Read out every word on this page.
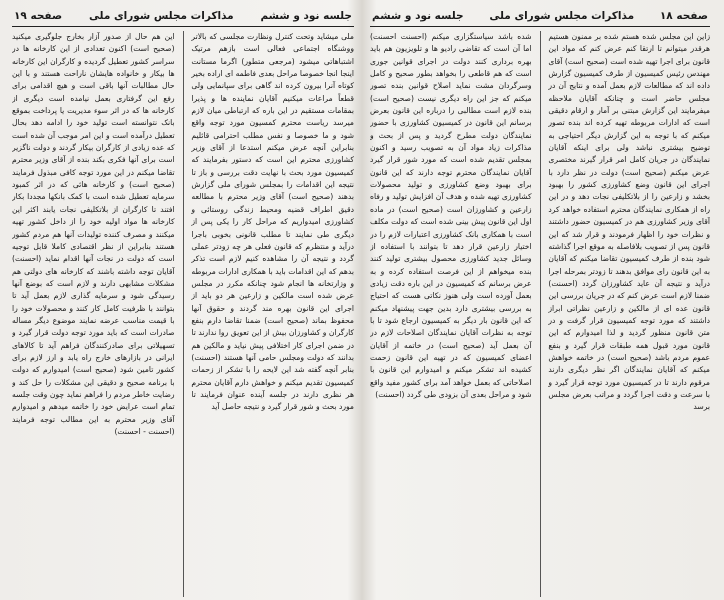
جلسه نود و ششم
مذاکرات مجلس شورای ملی
صفحه ۱۹

ملی میشاید وتحت کنترل ونظارت مجلسی که بالاتر ووشنگاه اجتماعی فعالی است بازهم مرتیک اشتباهاتی میشود (مرجعی متطور) اگرما مستانت اینجا انجا خصوصا مراحل بعدی فاطمه ای اراده بخیر کوتاه آنرا بیرون کرده اند گاهی برای سپانمایی ولی قطعاً مراعات میکنیم آقایان نماینده ها و پذیرا بمقامات مستقیم در این باره که ارتباطی میان لازم میرسد ریاست محترم کمسیون مورد توجه واقع شود و ما خصوصا و نفس مطلب احترامی قائلیم بنابراین آنچه عرض میکنم استدعا از آقای وزیر کشاورزی محترم این است که دستور بفرمایند که کمیسیون مورد بحث با نهایت دقت بررسی و باز تا نتیجه این اقدامات را بمجلس شورای ملی گزارش بدهند (صحیح است) آقای وزیر محترم با مطالعه دقیق اطراف قضیه ومحیط زندگی روستائی و کشاورزی امیدواریم که مراحل کار را یکی پس از دیگری طی نمایند تا مطلب قانونی بخوبی باجرا درآید و منتظرم که قانون فعلی هر چه زودتر عملی گردد و نتیجه آن را مشاهده کنیم لازم است تذکر بدهم که این اقدامات باید با همکاری ادارات مربوطه و وزارتخانه ها انجام شود چنانکه مکرر در مجلس عرض شده است مالکین و زارعین هر دو باید از اجرای این قانون بهره مند گردند و حقوق آنها محفوظ بماند (صحیح است) ضمنا تقاضا دارم بنفع کارگران و کشاورزان بیش از این تعویق روا ندارند تا در ضمن اجرای کار اختلافی پیش نیاید و مالکین هم بدانند که دولت ومجلس حامی آنها هستند (احسنت) بنابر آنچه گفته شد این لایحه را با تشکر از زحمات کمیسیون تقدیم میکنم و خواهش دارم آقایان محترم هر نظری دارند در جلسه آینده عنوان فرمایند تا مورد بحث و شور قرار گیرد و نتیجه حاصل آید

این هم حال از صدور آزار بخارج جلوگیری میکنید (صحیح است) اکنون تعدادی از این کارخانه ها در سراسر کشور تعطیل گردیده و کارگران این کارخانه ها بیکار و خانواده هایشان ناراحت هستند و با این حال مطالبات آنها باقی است و هیچ اقدامی برای رفع این گرفتاری بعمل نیامده است دیگری از کارخانه ها که در اثر سوء مدیریت یا پرداخت بموقع بانک نتوانسته است تولید خود را ادامه دهد بحال تعطیل درآمده است و این امر موجب آن شده است که عده زیادی از کارگران بیکار گردند و دولت ناگزیر است برای آنها فکری بکند بنده از آقای وزیر محترم تقاضا میکنم در این مورد توجه کافی مبذول فرمایند (صحیح است) و کارخانه هائی که در اثر کمبود سرمایه تعطیل شده است با کمک بانکها مجددا بکار افتند تا کارگران از بلاتکلیفی نجات یابند اکثر این کارخانه ها مواد اولیه خود را از داخل کشور تهیه میکنند و مصرف کننده تولیدات آنها هم مردم کشور هستند بنابراین از نظر اقتصادی کاملا قابل توجیه است که دولت در نجات آنها اقدام نماید (احسنت) آقایان توجه داشته باشند که کارخانه های دولتی هم مشکلات مشابهی دارند و لازم است که بوضع آنها رسیدگی شود و سرمایه گذاری لازم بعمل آید تا بتوانند با ظرفیت کامل کار کنند و محصولات خود را با قیمت مناسب عرضه نمایند موضوع دیگر مساله صادرات است که باید مورد توجه دولت قرار گیرد و تسهیلاتی برای صادرکنندگان فراهم آید تا کالاهای ایرانی در بازارهای خارج راه یابد و ارز لازم برای کشور تامین شود (صحیح است) امیدوارم که دولت با برنامه صحیح و دقیقی این مشکلات را حل کند و رضایت خاطر مردم را فراهم نماید چون وقت جلسه تمام است عرایض خود را خاتمه میدهم و امیدوارم آقای وزیر محترم به این مطالب توجه فرمایند (احسنت - احسنت)

صفحه ۱۸
مذاکرات مجلس شورای ملی
جلسه نود و ششم

زاین این مجلس شده هستم شده بر ممنون هستیم هرقدر میتوانم تا ارتقا کنم عرض کنم که مواد این قانون برای اجرا تهیه شده است (صحیح است) آقای مهندس رئیس کمیسیون از طرف کمیسیون گزارش داده اند که مطالعات لازم بعمل آمده و نتایج آن در مجلس حاضر است و چنانکه آقایان ملاحظه میفرمایند این گزارش مبتنی بر آمار و ارقام دقیقی است که ادارات مربوطه تهیه کرده اند بنده تصور میکنم که با توجه به این گزارش دیگر احتیاجی به توضیح بیشتری نباشد ولی برای اینکه آقایان نمایندگان در جریان کامل امر قرار گیرند مختصری عرض میکنم (صحیح است) دولت در نظر دارد با اجرای این قانون وضع کشاورزی کشور را بهبود بخشد و زارعین را از بلاتکلیفی نجات دهد و در این راه از همکاری نمایندگان محترم استفاده خواهد کرد آقای وزیر کشاورزی هم در کمیسیون حضور داشتند و نظرات خود را اظهار فرمودند و قرار شد که این قانون پس از تصویب بلافاصله به موقع اجرا گذاشته شود بنده از طرف کمیسیون تقاضا میکنم که آقایان به این قانون رای موافق بدهند تا زودتر بمرحله اجرا درآید و نتیجه آن عاید کشاورزان گردد (احسنت) ضمنا لازم است عرض کنم که در جریان بررسی این قانون عده ای از مالکین و زارعین نظراتی ابراز داشتند که مورد توجه کمیسیون قرار گرفت و در متن قانون منظور گردید و لذا امیدوارم که این قانون مورد قبول همه طبقات قرار گیرد و بنفع عموم مردم باشد (صحیح است) در خاتمه خواهش میکنم که آقایان نمایندگان اگر نظر دیگری دارند مرقوم دارند تا در کمیسیون مورد توجه قرار گیرد و با سرعت و دقت اجرا گردد و مراتب بعرض مجلس برسد

شده باشد سیاستگزاری میکنم (احسنت احسنت) اما آن است که تقاضی رادیو ها و تلویزیون هم باید بهره برداری کنند دولت در اجرای قوانین جوری است که هم قاطعی را بخواهد بطور صحیح و کامل وسرگردان مشت نماید اصلاح قوانین بنده تصور میکنم که جز این راه دیگری نیست (صحیح است) بنده لازم است مطالبی را درباره این قانون بعرض برسانم این قانون در کمیسیون کشاورزی با حضور نمایندگان دولت مطرح گردید و پس از بحث و مذاکرات زیاد مواد آن به تصویب رسید و اکنون بمجلس تقدیم شده است که مورد شور قرار گیرد آقایان نمایندگان محترم توجه دارند که این قانون برای بهبود وضع کشاورزی و تولید محصولات کشاورزی تهیه شده و هدف آن افزایش تولید و رفاه زارعین و کشاورزان است (صحیح است) در ماده اول این قانون پیش بینی شده است که دولت مکلف است با همکاری بانک کشاورزی اعتبارات لازم را در اختیار زارعین قرار دهد تا بتوانند با استفاده از وسائل جدید کشاورزی محصول بیشتری تولید کنند بنده میخواهم از این فرصت استفاده کرده و به عرض برسانم که کمیسیون در این باره دقت زیادی بعمل آورده است ولی هنوز نکاتی هست که احتیاج به بررسی بیشتری دارد بدین جهت پیشنهاد میکنم که این قانون بار دیگر به کمیسیون ارجاع شود تا با توجه به نظرات آقایان نمایندگان اصلاحات لازم در آن بعمل آید (صحیح است) در خاتمه از آقایان اعضای کمیسیون که در تهیه این قانون زحمت کشیده اند تشکر میکنم و امیدوارم این قانون با اصلاحاتی که بعمل خواهد آمد برای کشور مفید واقع شود و مراحل بعدی آن بزودی طی گردد (احسنت)
